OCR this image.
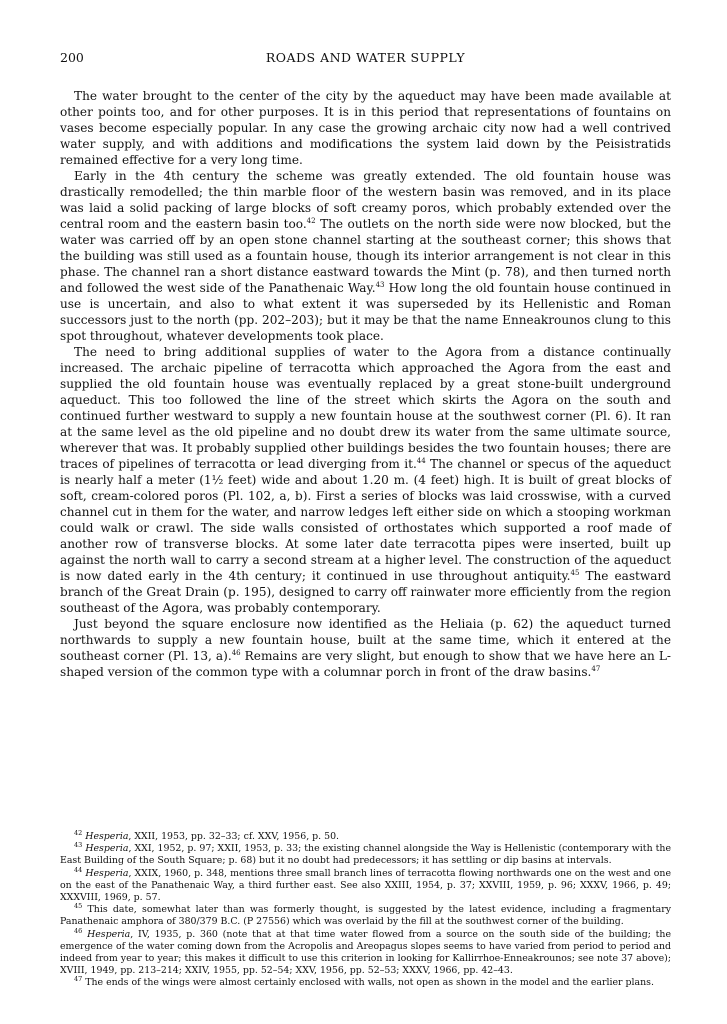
200	ROADS AND WATER SUPPLY

The water brought to the center of the city by the aqueduct may have been made available at other points too, and for other purposes. It is in this period that representations of fountains on vases become especially popular. In any case the growing archaic city now had a well contrived water supply, and with additions and modifications the system laid down by the Peisistratids remained effective for a very long time.

Early in the 4th century the scheme was greatly extended. The old fountain house was drastically remodelled; the thin marble floor of the western basin was removed, and in its place was laid a solid packing of large blocks of soft creamy poros, which probably extended over the central room and the eastern basin too.$^{42}$ The outlets on the north side were now blocked, but the water was carried off by an open stone channel starting at the southeast corner; this shows that the building was still used as a fountain house, though its interior arrangement is not clear in this phase. The channel ran a short distance eastward towards the Mint (p. 78), and then turned north and followed the west side of the Panathenaic Way.$^{43}$ How long the old fountain house continued in use is uncertain, and also to what extent it was superseded by its Hellenistic and Roman successors just to the north (pp. 202–203); but it may be that the name Enneakrounos clung to this spot throughout, whatever developments took place.

The need to bring additional supplies of water to the Agora from a distance continually increased. The archaic pipeline of terracotta which approached the Agora from the east and supplied the old fountain house was eventually replaced by a great stone-built underground aqueduct. This too followed the line of the street which skirts the Agora on the south and continued further westward to supply a new fountain house at the southwest corner (Pl. 6). It ran at the same level as the old pipeline and no doubt drew its water from the same ultimate source, wherever that was. It probably supplied other buildings besides the two fountain houses; there are traces of pipelines of terracotta or lead diverging from it.$^{44}$ The channel or specus of the aqueduct is nearly half a meter (1½ feet) wide and about 1.20 m. (4 feet) high. It is built of great blocks of soft, cream-colored poros (Pl. 102, a, b). First a series of blocks was laid crosswise, with a curved channel cut in them for the water, and narrow ledges left either side on which a stooping workman could walk or crawl. The side walls consisted of orthostates which supported a roof made of another row of transverse blocks. At some later date terracotta pipes were inserted, built up against the north wall to carry a second stream at a higher level. The construction of the aqueduct is now dated early in the 4th century; it continued in use throughout antiquity.$^{45}$ The eastward branch of the Great Drain (p. 195), designed to carry off rainwater more efficiently from the region southeast of the Agora, was probably contemporary.

Just beyond the square enclosure now identified as the Heliaia (p. 62) the aqueduct turned northwards to supply a new fountain house, built at the same time, which it entered at the southeast corner (Pl. 13, a).$^{46}$ Remains are very slight, but enough to show that we have here an L-shaped version of the common type with a columnar porch in front of the draw basins.$^{47}$

$^{42}$ Hesperia, XXII, 1953, pp. 32–33; cf. XXV, 1956, p. 50.

$^{43}$ Hesperia, XXI, 1952, p. 97; XXII, 1953, p. 33; the existing channel alongside the Way is Hellenistic (contemporary with the East Building of the South Square; p. 68) but it no doubt had predecessors; it has settling or dip basins at intervals.

$^{44}$ Hesperia, XXIX, 1960, p. 348, mentions three small branch lines of terracotta flowing northwards one on the west and one on the east of the Panathenaic Way, a third further east. See also XXIII, 1954, p. 37; XXVIII, 1959, p. 96; XXXV, 1966, p. 49; XXXVIII, 1969, p. 57.

$^{45}$ This date, somewhat later than was formerly thought, is suggested by the latest evidence, including a fragmentary Panathenaic amphora of 380/379 B.C. (P 27556) which was overlaid by the fill at the southwest corner of the building.

$^{46}$ Hesperia, IV, 1935, p. 360 (note that at that time water flowed from a source on the south side of the building; the emergence of the water coming down from the Acropolis and Areopagus slopes seems to have varied from period to period and indeed from year to year; this makes it difficult to use this criterion in looking for Kallirrhoe-Enneakrounos; see note 37 above); XVIII, 1949, pp. 213–214; XXIV, 1955, pp. 52–54; XXV, 1956, pp. 52–53; XXXV, 1966, pp. 42–43.

$^{47}$ The ends of the wings were almost certainly enclosed with walls, not open as shown in the model and the earlier plans.
